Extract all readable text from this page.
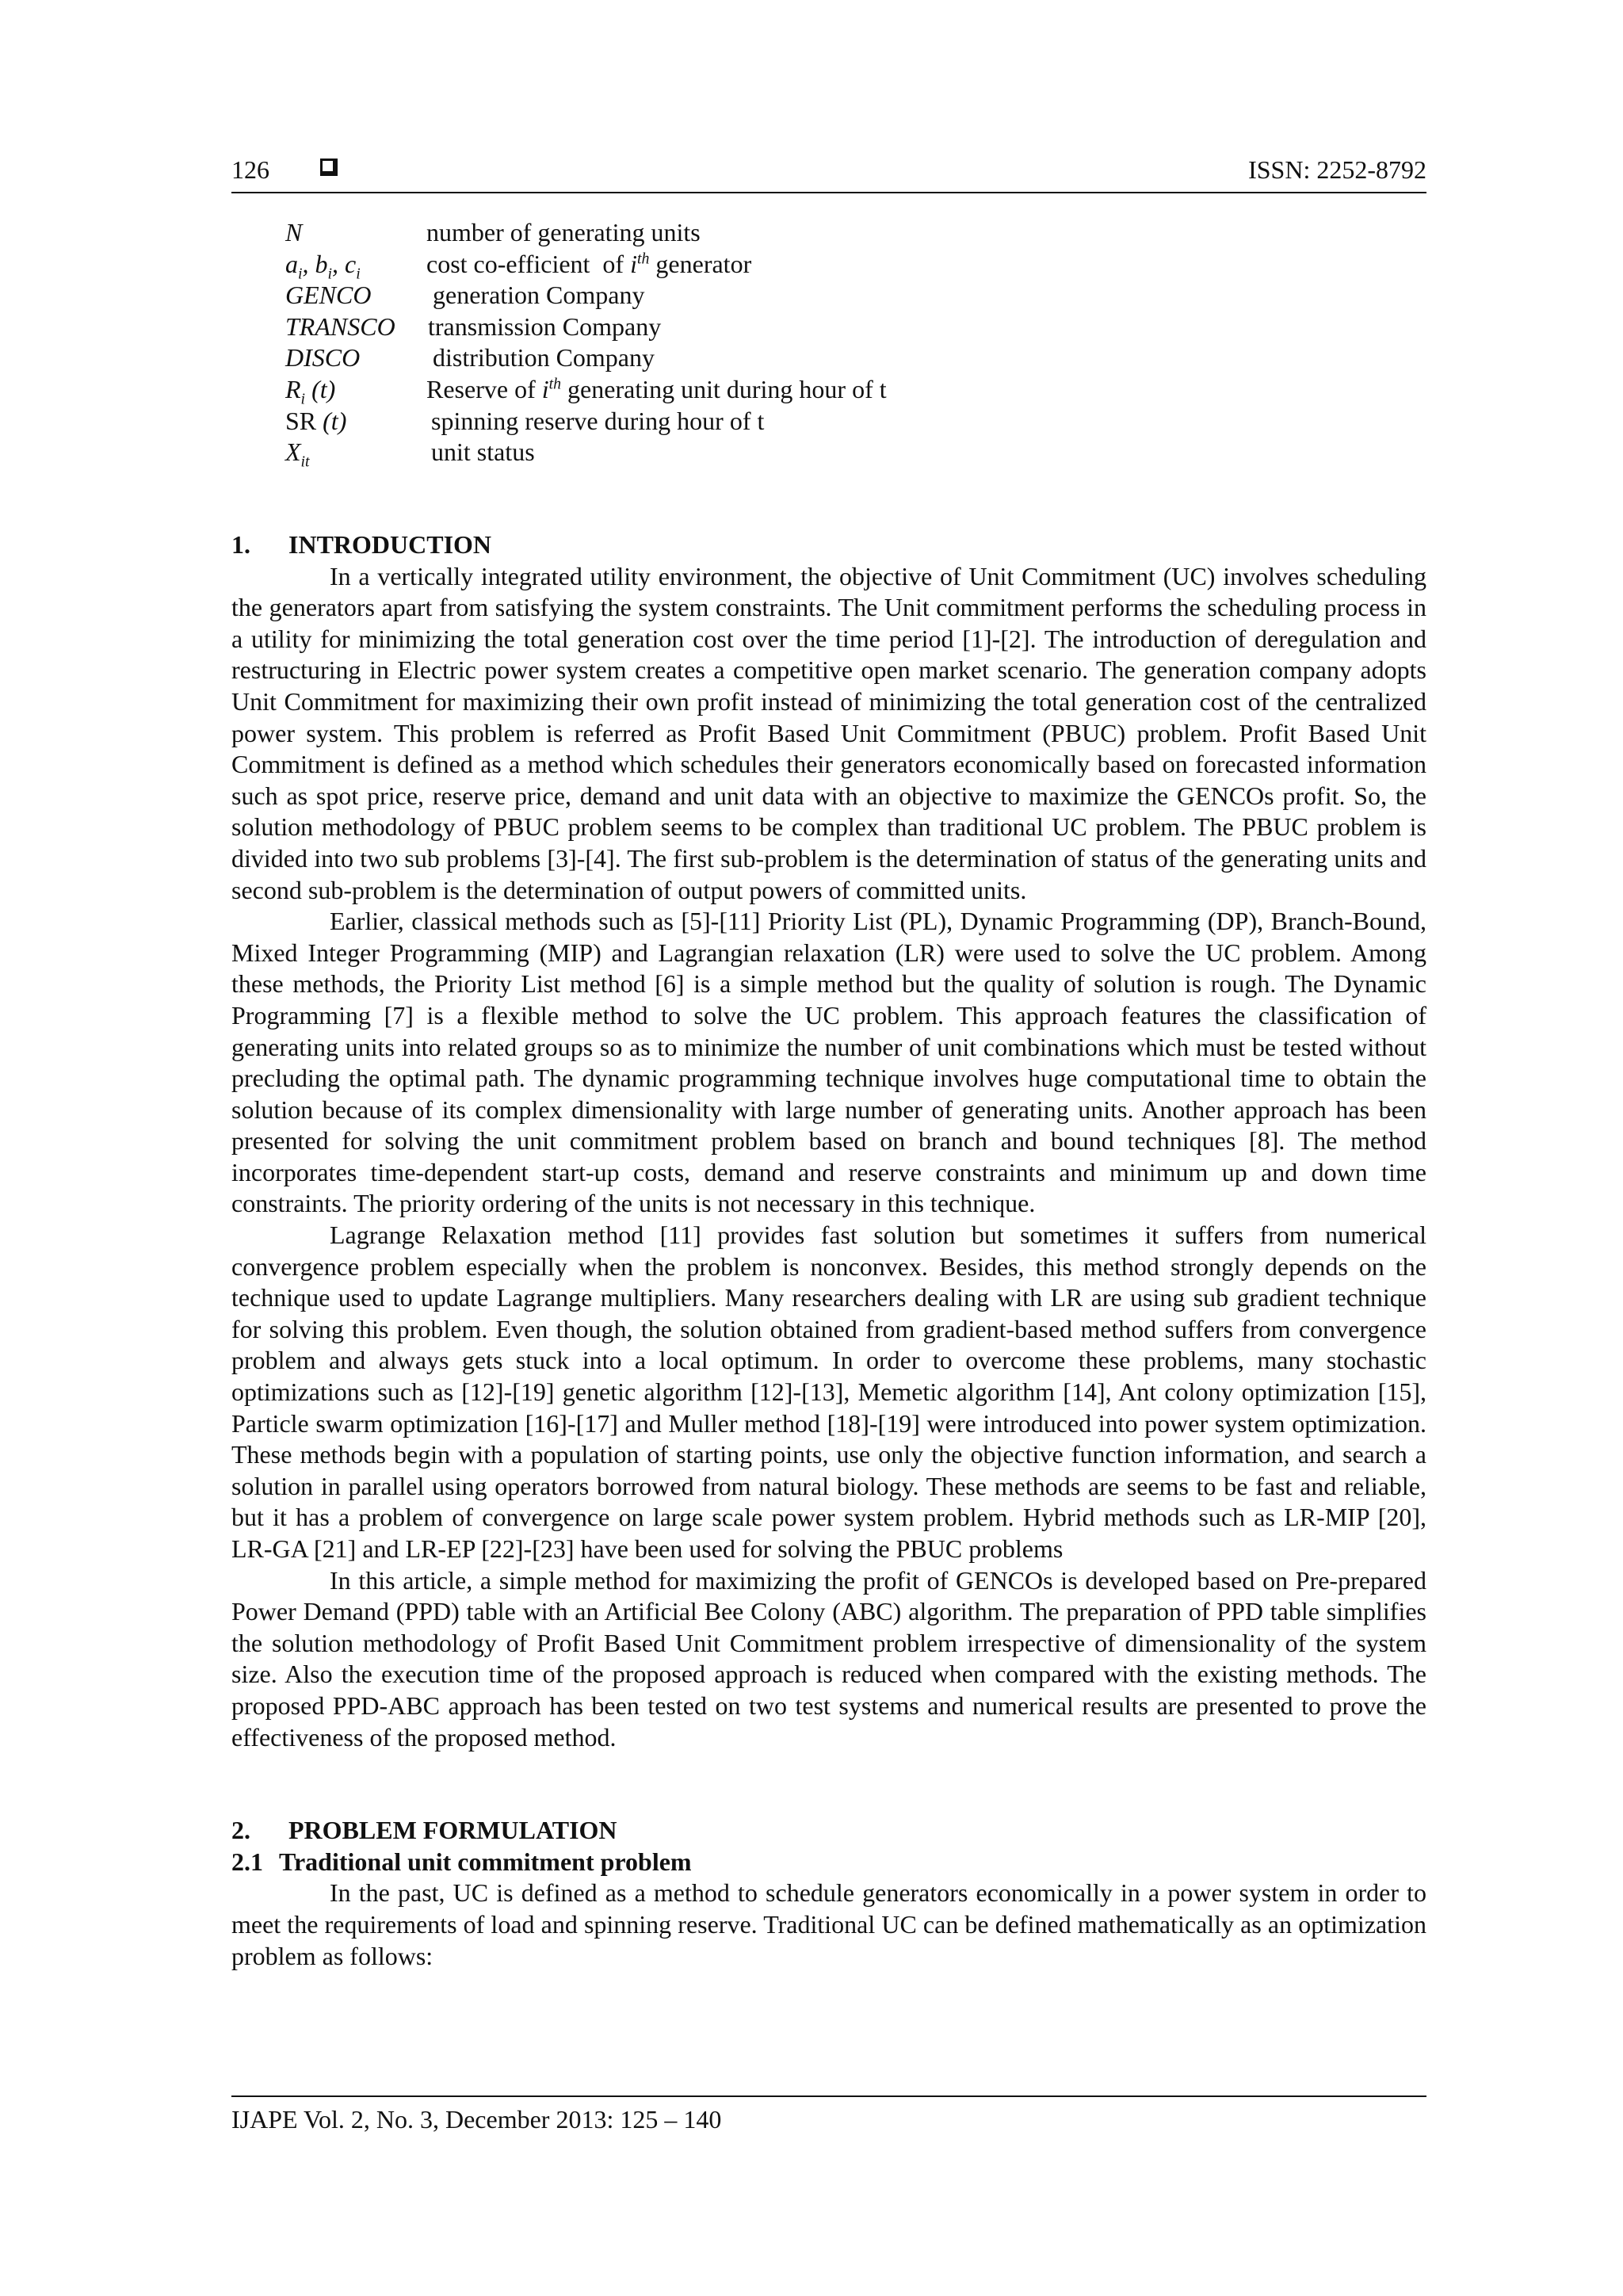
126	ISSN: 2252-8792
N	number of generating units
$a_i$, $b_i$, $c_i$	cost co-efficient  of $i^{th}$ generator
GENCO generation Company
TRANSCO transmission Company
DISCO	distribution Company
$R_i$ (t)	Reserve of $i^{th}$ generating unit during hour of t
SR (t)	spinning reserve during hour of t
$X_{it}$	unit status
1. INTRODUCTION

In a vertically integrated utility environment, the objective of Unit Commitment (UC) involves scheduling the generators apart from satisfying the system constraints. The Unit commitment performs the scheduling process in a utility for minimizing the total generation cost over the time period [1]-[2]. The introduction of deregulation and restructuring in Electric power system creates a competitive open market scenario. The generation company adopts Unit Commitment for maximizing their own profit instead of minimizing the total generation cost of the centralized power system. This problem is referred as Profit Based Unit Commitment (PBUC) problem. Profit Based Unit Commitment is defined as a method which schedules their generators economically based on forecasted information such as spot price, reserve price, demand and unit data with an objective to maximize the GENCOs profit. So, the solution methodology of PBUC problem seems to be complex than traditional UC problem. The PBUC problem is divided into two sub problems [3]-[4]. The first sub-problem is the determination of status of the generating units and second sub-problem is the determination of output powers of committed units.

Earlier, classical methods such as [5]-[11] Priority List (PL), Dynamic Programming (DP), Branch-Bound, Mixed Integer Programming (MIP) and Lagrangian relaxation (LR) were used to solve the UC problem. Among these methods, the Priority List method [6] is a simple method but the quality of solution is rough. The Dynamic Programming [7] is a flexible method to solve the UC problem. This approach features the classification of generating units into related groups so as to minimize the number of unit combinations which must be tested without precluding the optimal path. The dynamic programming technique involves huge computational time to obtain the solution because of its complex dimensionality with large number of generating units. Another approach has been presented for solving the unit commitment problem based on branch and bound techniques [8]. The method incorporates time-dependent start-up costs, demand and reserve constraints and minimum up and down time constraints. The priority ordering of the units is not necessary in this technique.

Lagrange Relaxation method [11] provides fast solution but sometimes it suffers from numerical convergence problem especially when the problem is nonconvex. Besides, this method strongly depends on the technique used to update Lagrange multipliers. Many researchers dealing with LR are using sub gradient technique for solving this problem. Even though, the solution obtained from gradient-based method suffers from convergence problem and always gets stuck into a local optimum. In order to overcome these problems, many stochastic optimizations such as [12]-[19] genetic algorithm [12]-[13], Memetic algorithm [14], Ant colony optimization [15], Particle swarm optimization [16]-[17] and Muller method [18]-[19] were introduced into power system optimization. These methods begin with a population of starting points, use only the objective function information, and search a solution in parallel using operators borrowed from natural biology. These methods are seems to be fast and reliable, but it has a problem of convergence on large scale power system problem. Hybrid methods such as LR-MIP [20], LR-GA [21] and LR-EP [22]-[23] have been used for solving the PBUC problems

In this article, a simple method for maximizing the profit of GENCOs is developed based on Pre-prepared Power Demand (PPD) table with an Artificial Bee Colony (ABC) algorithm. The preparation of PPD table simplifies the solution methodology of Profit Based Unit Commitment problem irrespective of dimensionality of the system size. Also the execution time of the proposed approach is reduced when compared with the existing methods. The proposed PPD-ABC approach has been tested on two test systems and numerical results are presented to prove the effectiveness of the proposed method.

2. PROBLEM FORMULATION
2.1 Traditional unit commitment problem

In the past, UC is defined as a method to schedule generators economically in a power system in order to meet the requirements of load and spinning reserve. Traditional UC can be defined mathematically as an optimization problem as follows:

IJAPE Vol. 2, No. 3, December 2013: 125 – 140
